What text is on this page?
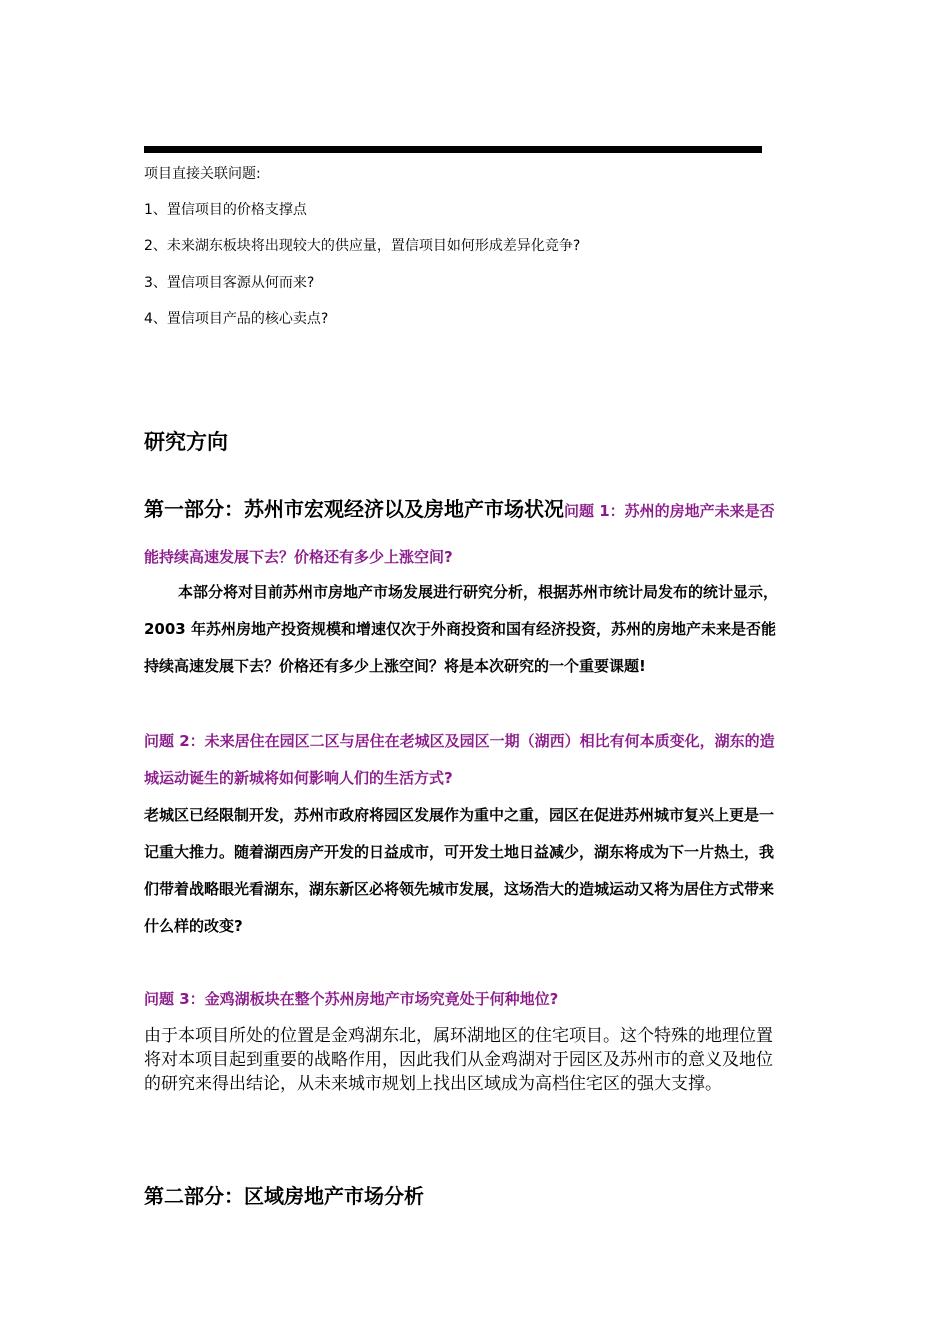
项目直接关联问题:
1、置信项目的价格支撑点
2、未来湖东板块将出现较大的供应量，置信项目如何形成差异化竞争?
3、置信项目客源从何而来?
4、置信项目产品的核心卖点?
研究方向
第一部分：苏州市宏观经济以及房地产市场状况问题 1：苏州的房地产未来是否
能持续高速发展下去？价格还有多少上涨空间?
本部分将对目前苏州市房地产市场发展进行研究分析，根据苏州市统计局发布的统计显示，
2003 年苏州房地产投资规模和增速仅次于外商投资和国有经济投资，苏州的房地产未来是否能
持续高速发展下去？价格还有多少上涨空间？将是本次研究的一个重要课题!
问题 2：未来居住在园区二区与居住在老城区及园区一期（湖西）相比有何本质变化，湖东的造
城运动诞生的新城将如何影响人们的生活方式?
老城区已经限制开发，苏州市政府将园区发展作为重中之重，园区在促进苏州城市复兴上更是一
记重大推力。随着湖西房产开发的日益成市，可开发土地日益减少，湖东将成为下一片热土，我
们带着战略眼光看湖东，湖东新区必将领先城市发展，这场浩大的造城运动又将为居住方式带来
什么样的改变?
问题 3：金鸡湖板块在整个苏州房地产市场究竟处于何种地位?
由于本项目所处的位置是金鸡湖东北，属环湖地区的住宅项目。这个特殊的地理位置
将对本项目起到重要的战略作用，因此我们从金鸡湖对于园区及苏州市的意义及地位
的研究来得出结论，从未来城市规划上找出区域成为高档住宅区的强大支撑。
第二部分：区域房地产市场分析
